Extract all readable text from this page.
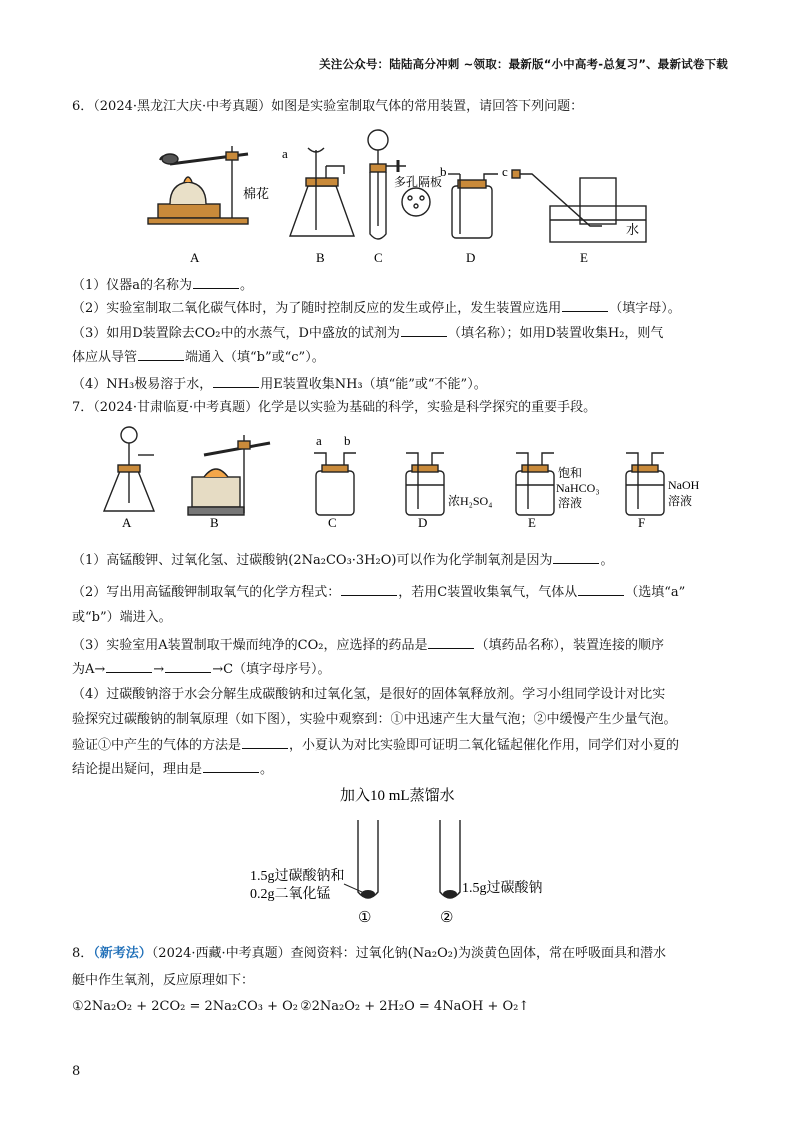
关注公众号：陆陆高分冲刺 ~领取：最新版“小中高考-总复习”、最新试卷下载
6．（2024·黑龙江大庆·中考真题）如图是实验室制取气体的常用装置，请回答下列问题：
棉花
A
a
B
多孔隔板
C
b	c
D
水
E
（1）仪器a的名称为	。
（2）实验室制取二氧化碳气体时，为了随时控制反应的发生或停止，发生装置应选用	（填字母）。
（3）如用D装置除去CO₂中的水蒸气，D中盛放的试剂为	（填名称）；如用D装置收集H₂，则气
体应从导管	端通入（填“b”或“c”）。
（4）NH₃极易溶于水，	用E装置收集NH₃（填“能”或“不能”）。
7．（2024·甘肃临夏·中考真题）化学是以实验为基础的科学，实验是科学探究的重要手段。
A	B
a b
C
浓H₂SO₄
D
饱和
NaHCO₃
溶液
E
NaOH
溶液
F
（1）高锰酸钾、过氧化氢、过碳酸钠(2Na₂CO₃·3H₂O)可以作为化学制氧剂是因为	。
（2）写出用高锰酸钾制取氧气的化学方程式：	，若用C装置收集氧气，气体从	（选填“a”
或“b”）端进入。
（3）实验室用A装置制取干燥而纯净的CO₂，应选择的药品是	（填药品名称），装置连接的顺序
为A→	→	→C（填字母序号）。
（4）过碳酸钠溶于水会分解生成碳酸钠和过氧化氢，是很好的固体氧释放剂。学习小组同学设计对比实
验探究过碳酸钠的制氧原理（如下图），实验中观察到：①中迅速产生大量气泡；②中缓慢产生少量气泡。
验证①中产生的气体的方法是	，小夏认为对比实验即可证明二氧化锰起催化作用，同学们对小夏的
结论提出疑问，理由是	。
加入10 mL蒸馏水
1.5g过碳酸钠和
0.2g二氧化锰	1.5g过碳酸钠
①	②
8．（新考法）（2024·西藏·中考真题）查阅资料：过氧化钠(Na₂O₂)为淡黄色固体，常在呼吸面具和潜水
艇中作生氧剂，反应原理如下：
①2Na₂O₂ + 2CO₂ = 2Na₂CO₃ + O₂ ②2Na₂O₂ + 2H₂O = 4NaOH + O₂↑
8
